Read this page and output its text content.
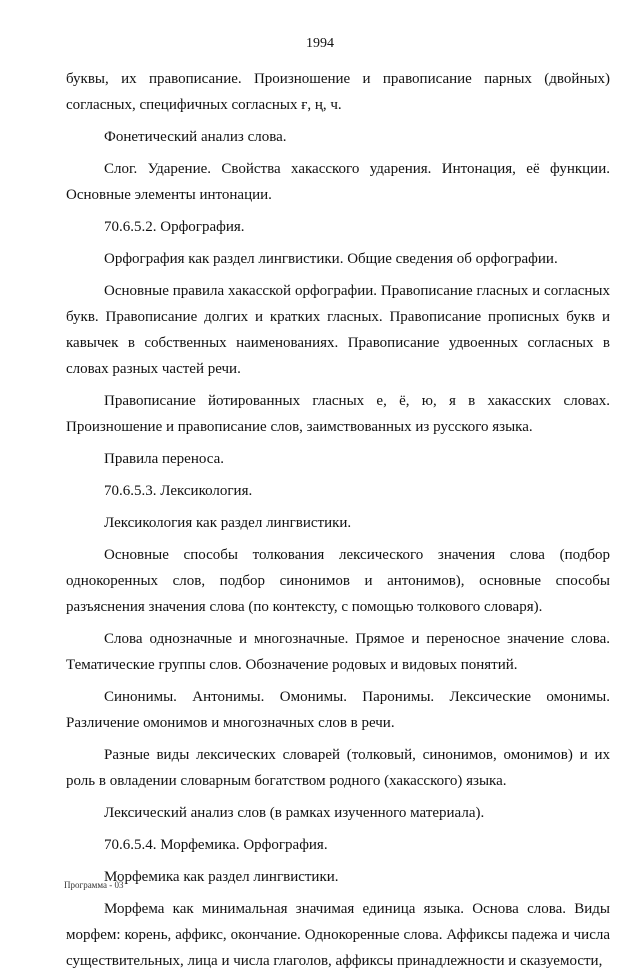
1994

буквы, их правописание. Произношение и правописание парных (двойных) согласных, специфичных согласных ғ, ң, ч.

Фонетический анализ слова.

Слог. Ударение. Свойства хакасского ударения. Интонация, её функции. Основные элементы интонации.

70.6.5.2. Орфография.

Орфография как раздел лингвистики. Общие сведения об орфографии.

Основные правила хакасской орфографии. Правописание гласных и согласных букв. Правописание долгих и кратких гласных. Правописание прописных букв и кавычек в собственных наименованиях. Правописание удвоенных согласных в словах разных частей речи.

Правописание йотированных гласных е, ё, ю, я в хакасских словах. Произношение и правописание слов, заимствованных из русского языка.

Правила переноса.

70.6.5.3. Лексикология.

Лексикология как раздел лингвистики.

Основные способы толкования лексического значения слова (подбор однокоренных слов, подбор синонимов и антонимов), основные способы разъяснения значения слова (по контексту, с помощью толкового словаря).

Слова однозначные и многозначные. Прямое и переносное значение слова. Тематические группы слов. Обозначение родовых и видовых понятий.

Синонимы. Антонимы. Омонимы. Паронимы. Лексические омонимы. Различение омонимов и многозначных слов в речи.

Разные виды лексических словарей (толковый, синонимов, омонимов) и их роль в овладении словарным богатством родного (хакасского) языка.

Лексический анализ слов (в рамках изученного материала).

70.6.5.4. Морфемика. Орфография.

Морфемика как раздел лингвистики.

Морфема как минимальная значимая единица языка. Основа слова. Виды морфем: корень, аффикс, окончание. Однокоренные слова. Аффиксы падежа и числа существительных, лица и числа глаголов, аффиксы принадлежности и сказуемости,

Программа - 03
